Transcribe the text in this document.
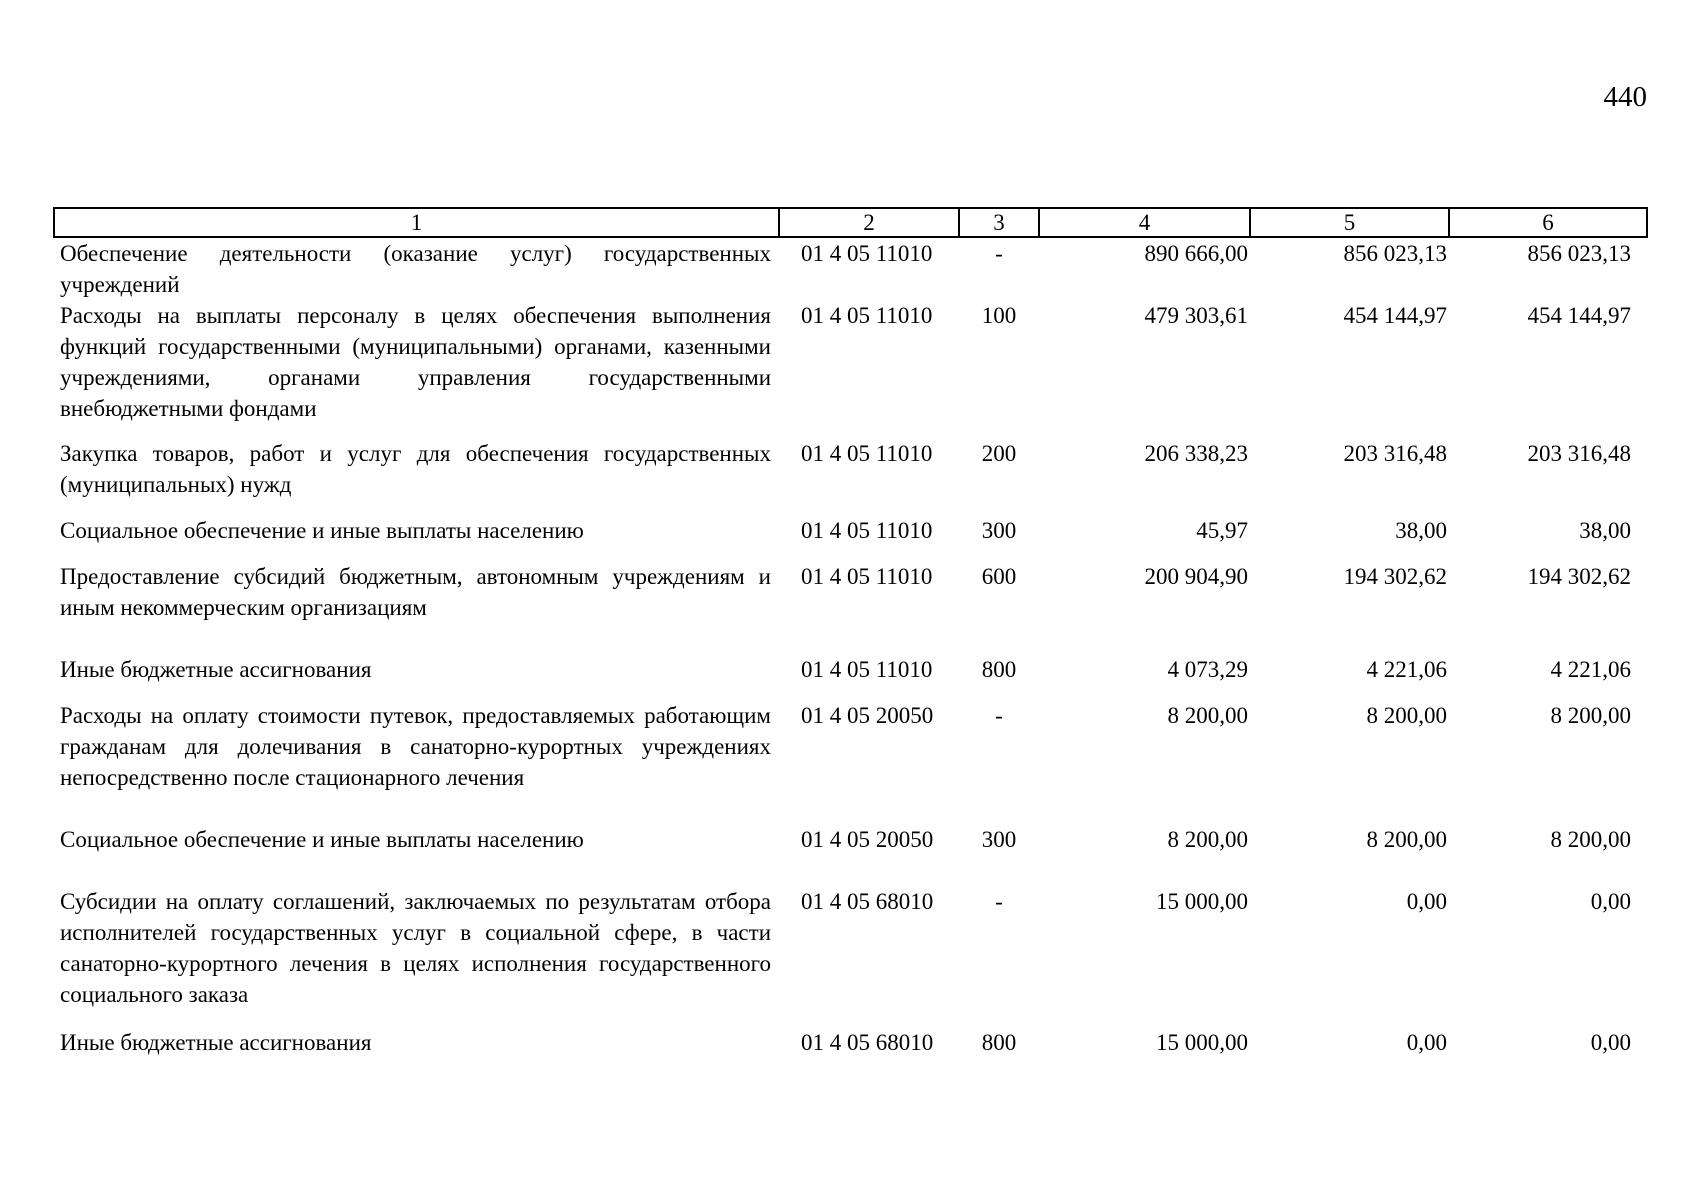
440
1	2	3	4	5	6
Обеспечение деятельности (оказание услуг) государственных учреждений	01 4 05 11010	-	890 666,00	856 023,13	856 023,13
Расходы на выплаты персоналу в целях обеспечения выполнения функций государственными (муниципальными) органами, казенными учреждениями, органами управления государственными внебюджетными фондами	01 4 05 11010	100	479 303,61	454 144,97	454 144,97
Закупка товаров, работ и услуг для обеспечения государственных (муниципальных) нужд	01 4 05 11010	200	206 338,23	203 316,48	203 316,48
Социальное обеспечение и иные выплаты населению	01 4 05 11010	300	45,97	38,00	38,00
Предоставление субсидий бюджетным, автономным учреждениям и иным некоммерческим организациям	01 4 05 11010	600	200 904,90	194 302,62	194 302,62
Иные бюджетные ассигнования	01 4 05 11010	800	4 073,29	4 221,06	4 221,06
Расходы на оплату стоимости путевок, предоставляемых работающим гражданам для долечивания в санаторно-курортных учреждениях непосредственно после стационарного лечения	01 4 05 20050	-	8 200,00	8 200,00	8 200,00
Социальное обеспечение и иные выплаты населению	01 4 05 20050	300	8 200,00	8 200,00	8 200,00
Субсидии на оплату соглашений, заключаемых по результатам отбора исполнителей государственных услуг в социальной сфере, в части санаторно-курортного лечения в целях исполнения государственного социального заказа	01 4 05 68010	-	15 000,00	0,00	0,00
Иные бюджетные ассигнования	01 4 05 68010	800	15 000,00	0,00	0,00
